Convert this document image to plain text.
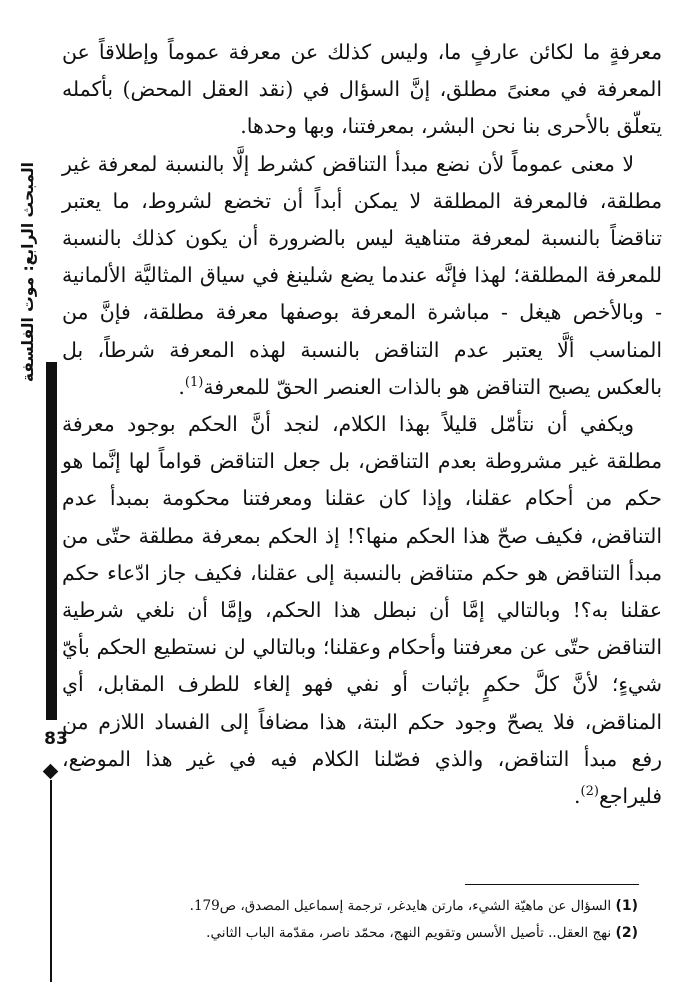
معرفةٍ ما لكائن عارفٍ ما، وليس كذلك عن معرفة عموماً وإطلاقاً عن المعرفة في معنىً مطلق، إنَّ السؤال في (نقد العقل المحض) بأكمله يتعلّق بالأحرى بنا نحن البشر، بمعرفتنا، وبها وحدها.

لا معنى عموماً لأن نضع مبدأ التناقض كشرط إلَّا بالنسبة لمعرفة غير مطلقة، فالمعرفة المطلقة لا يمكن أبداً أن تخضع لشروط، ما يعتبر تناقضاً بالنسبة لمعرفة متناهية ليس بالضرورة أن يكون كذلك بالنسبة للمعرفة المطلقة؛ لهذا فإنَّه عندما يضع شلينغ في سياق المثاليَّة الألمانية - وبالأخص هيغل - مباشرة المعرفة بوصفها معرفة مطلقة، فإنَّ من المناسب ألَّا يعتبر عدم التناقض بالنسبة لهذه المعرفة شرطاً، بل بالعكس يصبح التناقض هو بالذات العنصر الحقّ للمعرفة$^{(1)}$.

ويكفي أن نتأمّل قليلاً بهذا الكلام، لنجد أنَّ الحكم بوجود معرفة مطلقة غير مشروطة بعدم التناقض، بل جعل التناقض قواماً لها إنَّما هو حكم من أحكام عقلنا، وإذا كان عقلنا ومعرفتنا محكومة بمبدأ عدم التناقض، فكيف صحّ هذا الحكم منها؟! إذ الحكم بمعرفة مطلقة حتّى من مبدأ التناقض هو حكم متناقض بالنسبة إلى عقلنا، فكيف جاز ادّعاء حكم عقلنا به؟! وبالتالي إمَّا أن نبطل هذا الحكم، وإمَّا أن نلغي شرطية التناقض حتّى عن معرفتنا وأحكام وعقلنا؛ وبالتالي لن نستطيع الحكم بأيّ شيءٍ؛ لأنَّ كلَّ حكمٍ بإثبات أو نفي فهو إلغاء للطرف المقابل، أي المناقض، فلا يصحّ وجود حكم البتة، هذا مضافاً إلى الفساد اللازم من رفع مبدأ التناقض، والذي فصّلنا الكلام فيه في غير هذا الموضع، فليراجع$^{(2)}$.

المبحث الرابع: موت الفلسفة
83

(1) السؤال عن ماهيّة الشيء، مارتن هايدغر، ترجمة إسماعيل المصدق، ص179.

(2) نهج العقل.. تأصيل الأسس وتقويم النهج، محمّد ناصر، مقدّمة الباب الثاني.
